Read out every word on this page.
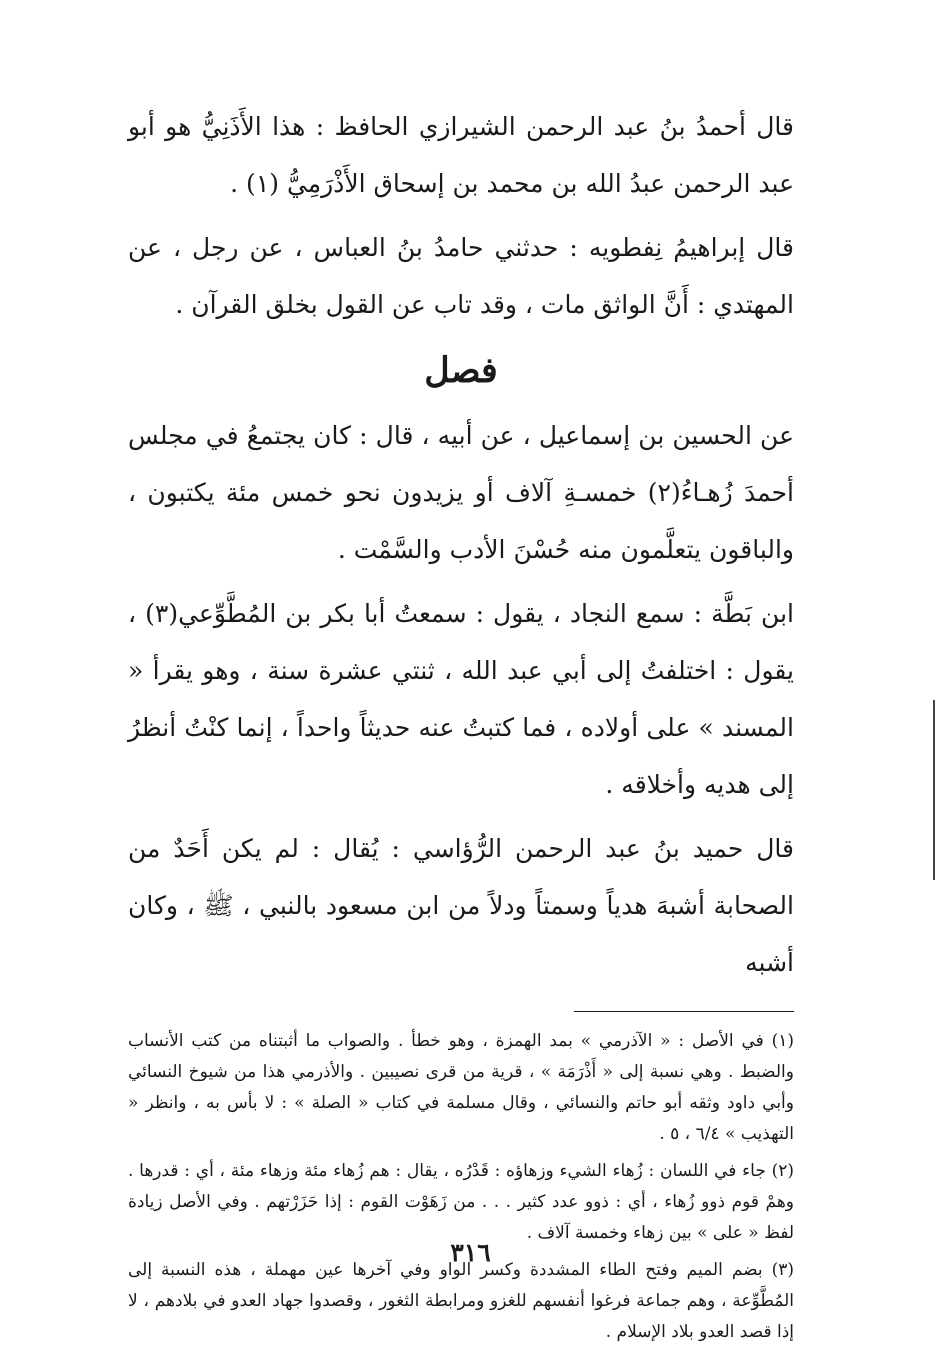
قال أحمدُ بنُ عبد الرحمن الشيرازي الحافظ : هذا الأَذَنِيُّ هو أبو عبد الرحمن عبدُ الله بن محمد بن إسحاق الأَذْرَمِيُّ (١) .

قال إبراهيمُ نِفطويه : حدثني حامدُ بنُ العباس ، عن رجل ، عن المهتدي : أَنَّ الواثق مات ، وقد تاب عن القول بخلق القرآن .

فصل

عن الحسين بن إسماعيل ، عن أبيه ، قال : كان يجتمعُ في مجلس أحمدَ زُهـاءُ(٢) خمسـةِ آلاف أو يزيدون نحو خمس مئة يكتبون ، والباقون يتعلَّمون منه حُسْنَ الأدب والسَّمْت .

ابن بَطَّة : سمع النجاد ، يقول : سمعتُ أبا بكر بن المُطَّوِّعي(٣) ، يقول : اختلفتُ إلى أبي عبد الله ، ثنتي عشرة سنة ، وهو يقرأ « المسند » على أولاده ، فما كتبتُ عنه حديثاً واحداً ، إنما كنْتُ أنظرُ إلى هديه وأخلاقه .

قال حميد بنُ عبد الرحمن الرُّؤاسي : يُقال : لم يكن أَحَدٌ من الصحابة أشبهَ هدياً وسمتاً ودلاً من ابن مسعود بالنبي ، ﷺ ، وكان أشبه

(١) في الأصل : « الآذرمي » بمد الهمزة ، وهو خطأ . والصواب ما أثبتناه من كتب الأنساب والضبط . وهي نسبة إلى « أَذْرَمَة » ، قرية من قرى نصيبين . والأذرمي هذا من شيوخ النسائي وأبي داود وثقه أبو حاتم والنسائي ، وقال مسلمة في كتاب « الصلة » : لا بأس به ، وانظر « التهذيب » ٦/٤ ، ٥ .

(٢) جاء في اللسان : زُهاء الشيء وزهاؤه : قَدْرُه ، يقال : هم زُهاء مئة وزهاء مئة ، أي : قدرها . وهمْ قوم ذوو زُهاء ، أي : ذوو عدد كثير . . . من زَهَوْت القوم : إذا حَزَرْتهم . وفي الأصل زيادة لفظ « على » بين زهاء وخمسة آلاف .

(٣) بضم الميم وفتح الطاء المشددة وكسر الواو وفي آخرها عين مهملة ، هذه النسبة إلى المُطَّوِّعة ، وهم جماعة فرغوا أنفسهم للغزو ومرابطة الثغور ، وقصدوا جهاد العدو في بلادهم ، لا إذا قصد العدو بلاد الإسلام .

٣١٦
